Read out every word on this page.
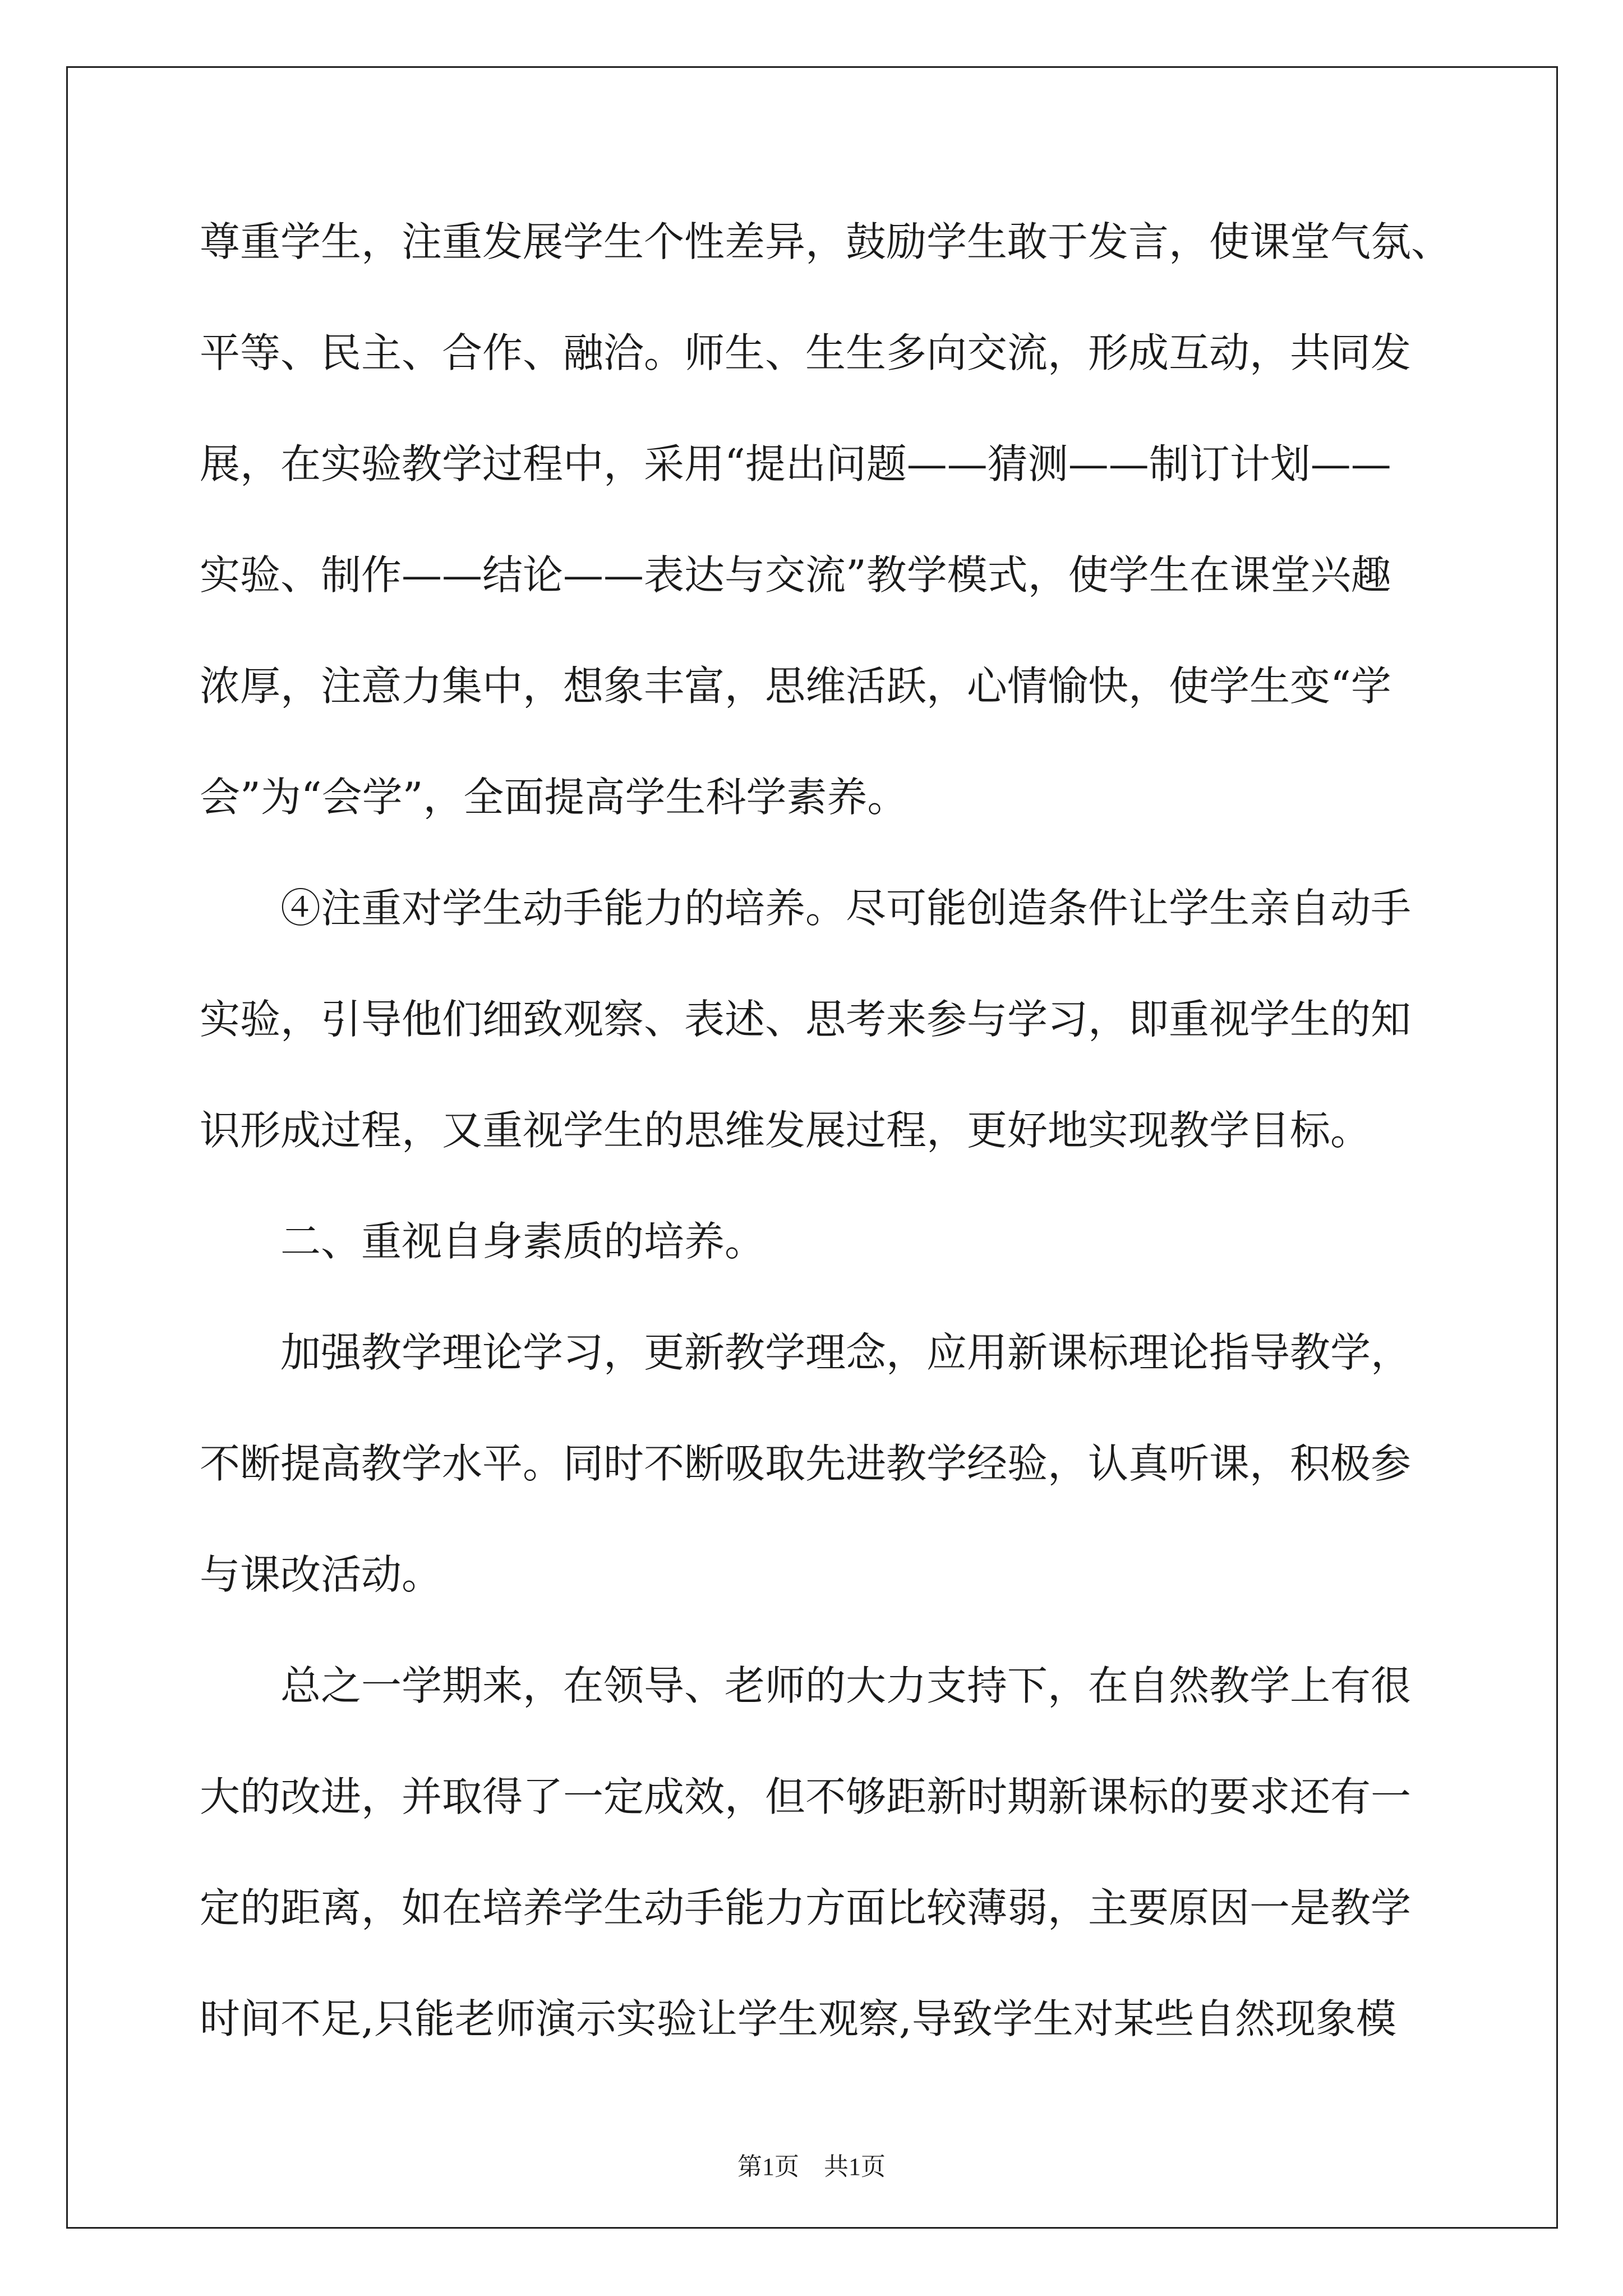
尊重学生，注重发展学生个性差异，鼓励学生敢于发言，使课堂气氛、
平等、民主、合作、融洽。师生、生生多向交流，形成互动，共同发
展，在实验教学过程中，采用“提出问题——猜测——制订计划——
实验、制作——结论——表达与交流”教学模式，使学生在课堂兴趣
浓厚，注意力集中，想象丰富，思维活跃，心情愉快，使学生变“学
会”为“会学”，全面提高学生科学素养。
　　④注重对学生动手能力的培养。尽可能创造条件让学生亲自动手
实验，引导他们细致观察、表述、思考来参与学习，即重视学生的知
识形成过程，又重视学生的思维发展过程，更好地实现教学目标。
　　二、重视自身素质的培养。
　　加强教学理论学习，更新教学理念，应用新课标理论指导教学，
不断提高教学水平。同时不断吸取先进教学经验，认真听课，积极参
与课改活动。
　　总之一学期来，在领导、老师的大力支持下，在自然教学上有很
大的改进，并取得了一定成效，但不够距新时期新课标的要求还有一
定的距离，如在培养学生动手能力方面比较薄弱，主要原因一是教学
时间不足,只能老师演示实验让学生观察,导致学生对某些自然现象模
第1页　共1页
